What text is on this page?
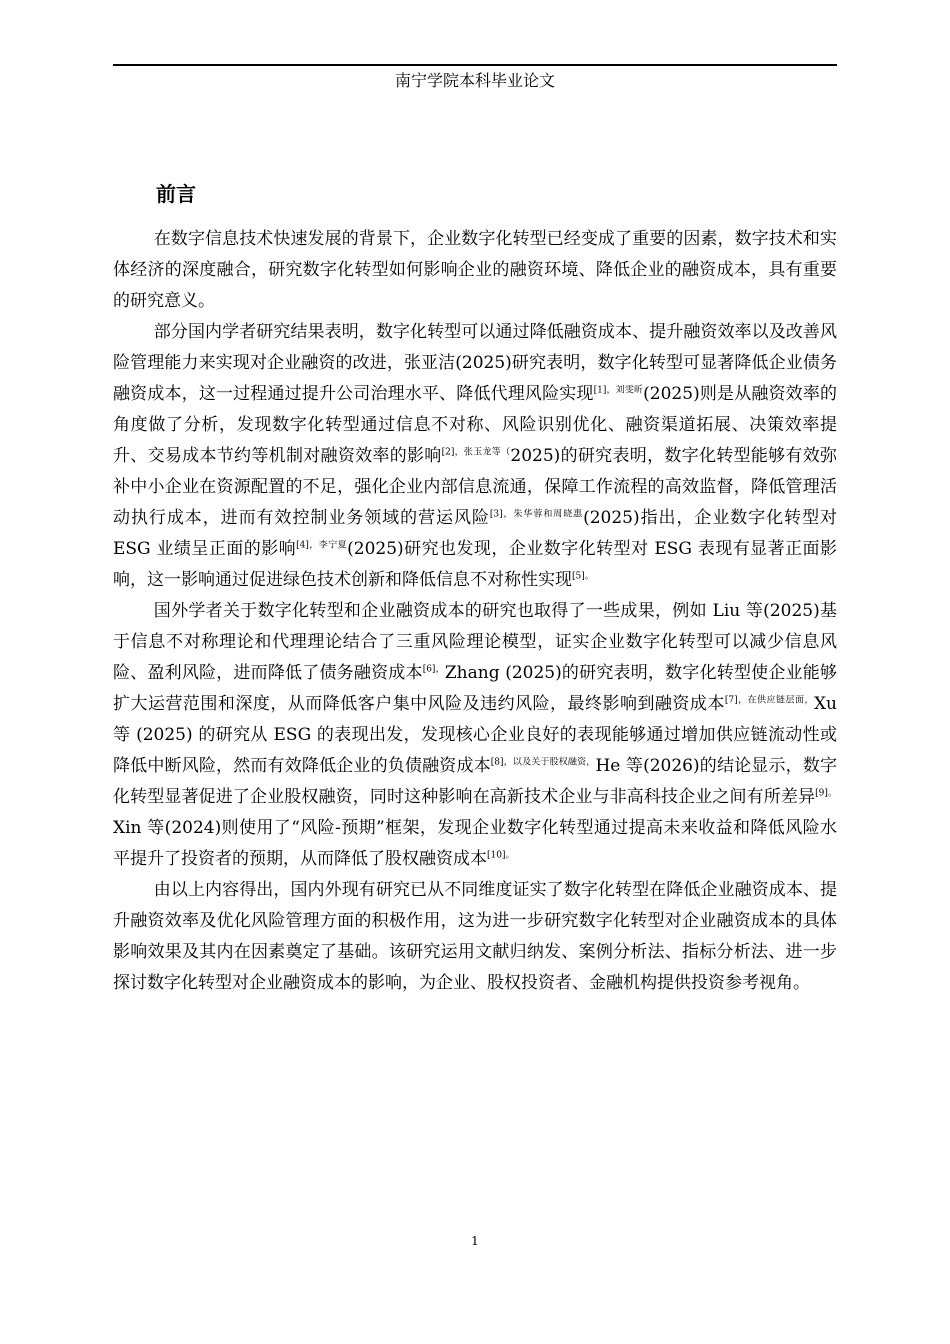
南宁学院本科毕业论文
前言

在数字信息技术快速发展的背景下，企业数字化转型已经变成了重要的因素，数字技术和实体经济的深度融合，研究数字化转型如何影响企业的融资环境、降低企业的融资成本，具有重要的研究意义。

部分国内学者研究结果表明，数字化转型可以通过降低融资成本、提升融资效率以及改善风险管理能力来实现对企业融资的改进，张亚洁(2025)研究表明，数字化转型可显著降低企业债务融资成本，这一过程通过提升公司治理水平、降低代理风险实现$^{[1],刘雯昕}$(2025)则是从融资效率的角度做了分析，发现数字化转型通过信息不对称、风险识别优化、融资渠道拓展、决策效率提升、交易成本节约等机制对融资效率的影响$^{[2],张玉龙等(}$2025)的研究表明，数字化转型能够有效弥补中小企业在资源配置的不足，强化企业内部信息流通，保障工作流程的高效监督，降低管理活动执行成本，进而有效控制业务领域的营运风险$^{[3],朱华蓉和周晓惠}$(2025)指出，企业数字化转型对 ESG 业绩呈正面的影响$^{[4],李宁夏}$(2025)研究也发现，企业数字化转型对 ESG 表现有显著正面影响，这一影响通过促进绿色技术创新和降低信息不对称性实现$^{[5]。}$

国外学者关于数字化转型和企业融资成本的研究也取得了一些成果，例如 Liu 等(2025)基于信息不对称理论和代理理论结合了三重风险理论模型，证实企业数字化转型可以减少信息风险、盈利风险，进而降低了债务融资成本$^{[6],}$Zhang (2025)的研究表明，数字化转型使企业能够扩大运营范围和深度，从而降低客户集中风险及违约风险，最终影响到融资成本$^{[7],在供应链层面,}$Xu 等 (2025) 的研究从 ESG 的表现出发，发现核心企业良好的表现能够通过增加供应链流动性或降低中断风险，然而有效降低企业的负债融资成本$^{[8],以及关于股权融资,}$He 等(2026)的结论显示，数字化转型显著促进了企业股权融资，同时这种影响在高新技术企业与非高科技企业之间有所差异$^{[9]。}$Xin 等(2024)则使用了“风险-预期”框架，发现企业数字化转型通过提高未来收益和降低风险水平提升了投资者的预期，从而降低了股权融资成本$^{[10]。}$

由以上内容得出，国内外现有研究已从不同维度证实了数字化转型在降低企业融资成本、提升融资效率及优化风险管理方面的积极作用，这为进一步研究数字化转型对企业融资成本的具体影响效果及其内在因素奠定了基础。该研究运用文献归纳发、案例分析法、指标分析法、进一步探讨数字化转型对企业融资成本的影响，为企业、股权投资者、金融机构提供投资参考视角。

1
